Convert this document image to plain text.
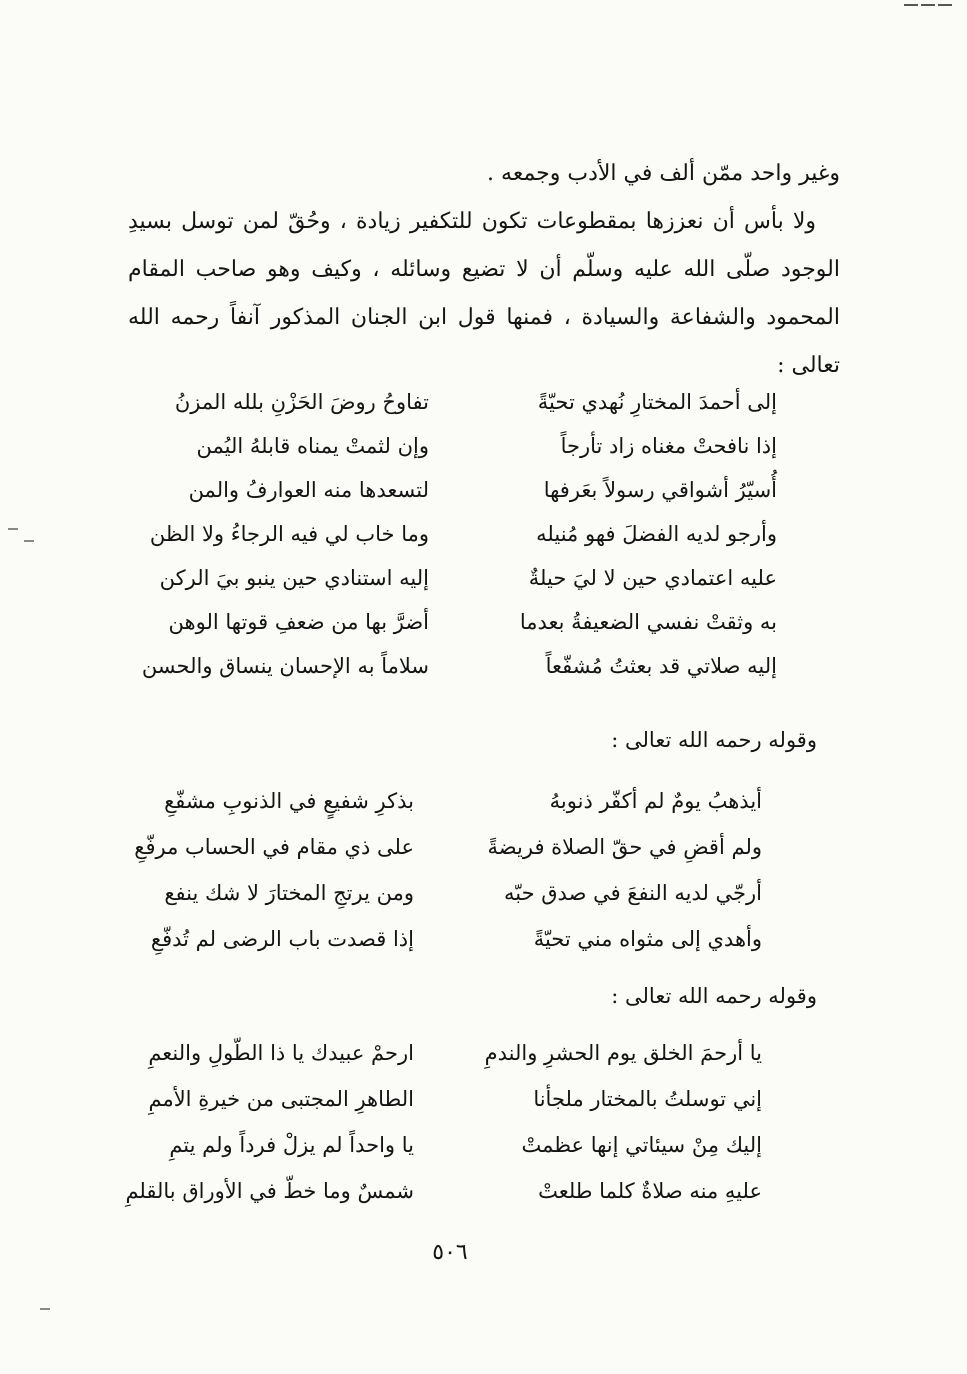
وغير واحد ممّن ألف في الأدب وجمعه .

ولا بأس أن نعززها بمقطوعات تكون للتكفير زيادة ، وحُقّ لمن توسل بسيدِ الوجود صلّى الله عليه وسلّم أن لا تضيع وسائله ، وكيف وهو صاحب المقام المحمود والشفاعة والسيادة ، فمنها قول ابن الجنان المذكور آنفاً رحمه الله تعالى :

إلى أحمدَ المختارِ نُهدي تحيّةً
تفاوحُ روضَ الحَزْنِ بلله المزنُ
إذا نافحتْ مغناه زاد تأرجاً
وإن لثمتْ يمناه قابلهُ اليُمن
أُسيّرُ أشواقي رسولاً بعَرفها
لتسعدها منه العوارفُ والمن
وأرجو لديه الفضلَ فهو مُنيله
وما خاب لي فيه الرجاءُ ولا الظن
عليه اعتمادي حين لا ليَ حيلةٌ
إليه استنادي حين ينبو بيَ الركن
به وثقتْ نفسي الضعيفةُ بعدما
أضرَّ بها من ضعفِ قوتها الوهن
إليه صلاتي قد بعثتُ مُشفّعاً
سلاماً به الإحسان ينساق والحسن
وقوله رحمه الله تعالى :
أيذهبُ يومٌ لم أكفّر ذنوبهُ
بذكرِ شفيعٍ في الذنوبِ مشفّعِ
ولم أقضِ في حقّ الصلاة فريضةً
على ذي مقام في الحساب مرفّعِ
أرجّي لديه النفعَ في صدق حبّه
ومن يرتجِ المختارَ لا شك ينفع
وأهدي إلى مثواه مني تحيّةً
إذا قصدت باب الرضى لم تُدفّعِ
وقوله رحمه الله تعالى :
يا أرحمَ الخلق يوم الحشرِ والندمِ
ارحمْ عبيدك يا ذا الطّولِ والنعمِ
إني توسلتُ بالمختار ملجأنا
الطاهرِ المجتبى من خيرةِ الأممِ
إليك مِنْ سيئاتي إنها عظمتْ
يا واحداً لم يزلْ فرداً ولم يتمِ
عليهِ منه صلاةٌ كلما طلعتْ
شمسٌ وما خطّ في الأوراق بالقلمِ
٥٠٦
